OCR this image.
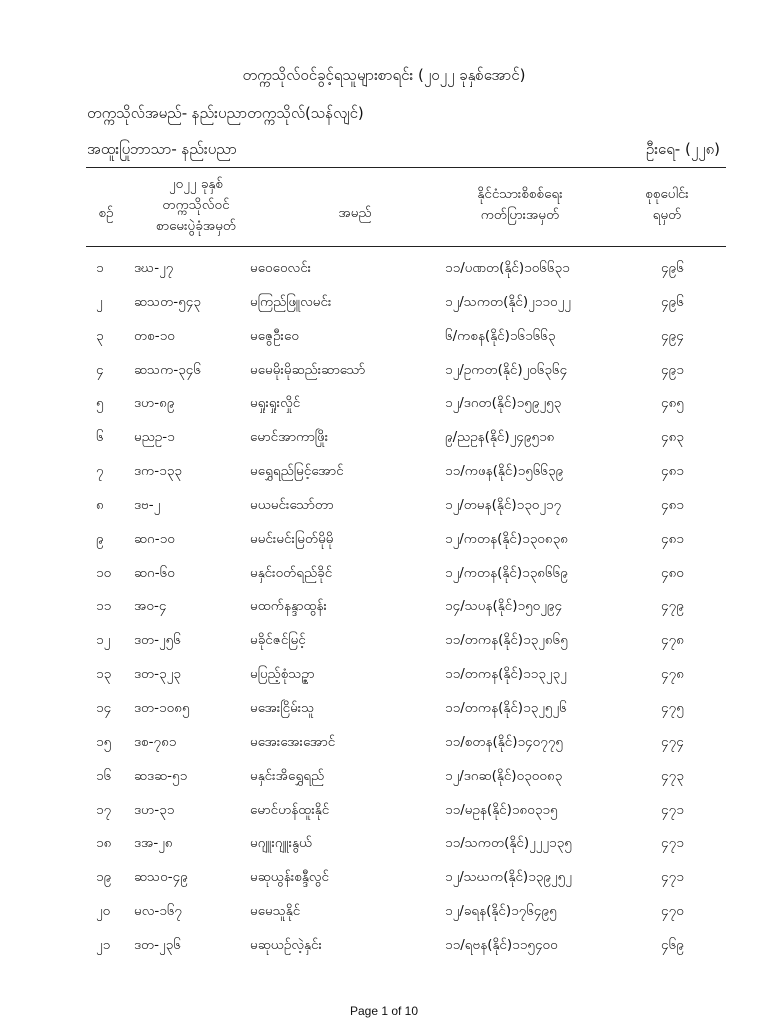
တက္ကသိုလ်ဝင်ခွင့်ရသူများစာရင်း (၂၀၂၂ ခုနှစ်အောင်)
တက္ကသိုလ်အမည်- နည်းပညာတက္ကသိုလ်(သန်လျင်)
အထူးပြုဘာသာ- နည်းပညာ	ဦးရေ- (၂၂၈)
စဉ်
၂၀၂၂ ခုနှစ်
တက္ကသိုလ်ဝင်
စာမေးပွဲခုံအမှတ်
အမည်
နိုင်ငံသားစိစစ်ရေး
ကတ်ပြားအမှတ်
စုစုပေါင်း
ရမှတ်
၁ ဒဃ-၂၇	မဝေဝေလင်း	၁၁/ပဏတ(နိုင်)၁၀၆၆၃၁	၄၉၆
၂ ဆသတ-၅၄၃	မကြည်ဖြူလမင်း	၁၂/သကတ(နိုင်)၂၁၁၀၂၂	၄၉၆
၃ တစ-၁၀	မဇွေဦးဝေ	၆/ကစန(နိုင်)၁၆၁၆၆၃	၄၉၄
၄ ဆသက-၃၄၆	မမေမိုးမိုဆည်းဆာသော်	၁၂/ဥကတ(နိုင်)၂၀၆၃၆၄	၄၉၁
၅ ဒဟ-၈၉	မရှုးရှုးလှိုင်	၁၂/ဒဂတ(နိုင်)၁၅၉၂၅၃	၄၈၅
၆ မညဥ-၁	မောင်အာကာဖြိုး	၉/ညဥန(နိုင်)၂၄၉၅၁၈	၄၈၃
၇ ဒက-၁၃၃	မရွှေရည်မြင့်အောင်	၁၁/ကဖန(နိုင်)၁၅၆၆၃၉	၄၈၁
၈ ဒဗ-၂	မယမင်းသော်တာ	၁၂/တမန(နိုင်)၁၃၀၂၁၇	၄၈၁
၉ ဆဂ-၁၀	မမင်းမင်းမြတ်မိုမို	၁၂/ကတန(နိုင်)၁၃၀၈၃၈	၄၈၁
၁၀ ဆဂ-၆၀	မနှင်းဝတ်ရည်ခိုင်	၁၂/ကတန(နိုင်)၁၃၈၆၆၉	၄၈၀
၁၁ အဝ-၄	မထက်နန္ဒာထွန်း	၁၄/သပန(နိုင်)၁၅၀၂၉၄	၄၇၉
၁၂ ဒတ-၂၅၆	မခိုင်ဇင်မြင့်	၁၁/တကန(နိုင်)၁၃၂၈၆၅	၄၇၈
၁၃ ဒတ-၃၂၃	မပြည့်စုံသဉ္ဇာ	၁၁/တကန(နိုင်)၁၁၃၂၃၂	၄၇၈
၁၄ ဒတ-၁၀၈၅	မအေးငြိမ်းသူ	၁၁/တကန(နိုင်)၁၃၂၅၂၆	၄၇၅
၁၅ ဒစ-၇၈၁	မအေးအေးအောင်	၁၁/စတန(နိုင်)၁၄၀၇၇၅	၄၇၄
၁၆ ဆဒဆ-၅၁	မနှင်းအိရွှေရည်	၁၂/ဒဂဆ(နိုင်)၀၃၀၀၈၃	၄၇၃
၁၇ ဒဟ-၃၁	မောင်ဟန်ထူးနိုင်	၁၁/မဥန(နိုင်)၁၈၀၃၁၅	၄၇၁
၁၈ ဒအ-၂၈	မဂျူးဂျူးနွယ်	၁၁/သကတ(နိုင်)၂၂၂၁၃၅	၄၇၁
၁၉ ဆသ၀-၄၉	မဆုယွန်းစန္ဒီလွင်	၁၂/သဃက(နိုင်)၁၃၉၂၅၂	၄၇၁
၂၀ မလ-၁၆၇	မမေသူနိုင်	၁၂/ခရန(နိုင်)၁၇၆၄၉၅	၄၇၀
၂၁ ဒတ-၂၃၆	မဆုယဉ်လဲ့နှင်း	၁၁/ရဗန(နိုင်)၁၁၅၄၀၀	၄၆၉
Page 1 of 10
